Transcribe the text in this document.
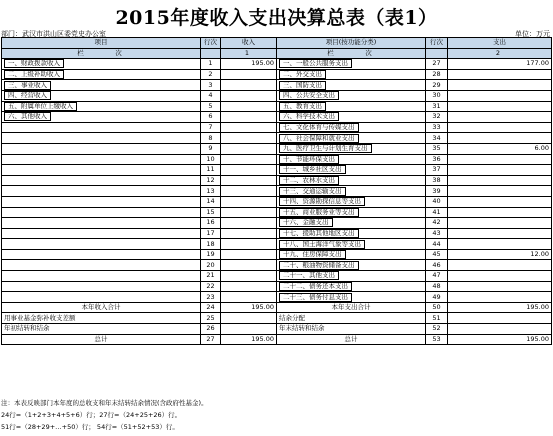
2015年度收入支出决算总表（表1）
部门：武汉市洪山区委党史办公室	单位：万元
项目	行次	收入	项目(按功能分类)	行次	支出
栏　　　次		1	栏　　　次		2
一、财政拨款收入	1	195.00	一、一般公共服务支出	27	177.00
二、上级补助收入	2		二、外交支出	28	
三、事业收入	3		三、国防支出	29	
四、经营收入	4		四、公共安全支出	30	
五、附属单位上缴收入	5		五、教育支出	31	
六、其他收入	6		六、科学技术支出	32	
	7		七、文化体育与传媒支出	33	
	8		八、社会保障和就业支出	34	
	9		九、医疗卫生与计划生育支出	35	6.00
	10		十、节能环保支出	36	
	11		十一、城乡社区支出	37	
	12		十二、农林水支出	38	
	13		十三、交通运输支出	39	
	14		十四、资源勘探信息等支出	40	
	15		十五、商业服务业等支出	41	
	16		十六、金融支出	42	
	17		十七、援助其他地区支出	43	
	18		十八、国土海洋气象等支出	44	
	19		十九、住房保障支出	45	12.00
	20		二十、粮油物资储备支出	46	
	21		二十一、其他支出	47	
	22		二十二、债务还本支出	48	
	23		二十三、债务付息支出	49	
本年收入合计	24	195.00	本年支出合计	50	195.00
用事业基金弥补收支差额	25		结余分配	51	
年初结转和结余	26		年末结转和结余	52	
总计	27	195.00	总计	53	195.00
注：本表反映部门本年度的总收支和年末结转结余情况(含政府性基金)。
24行=（1+2+3+4+5+6）行；27行=（24+25+26）行。
51行=（28+29+…+50）行； 54行=（51+52+53）行。
